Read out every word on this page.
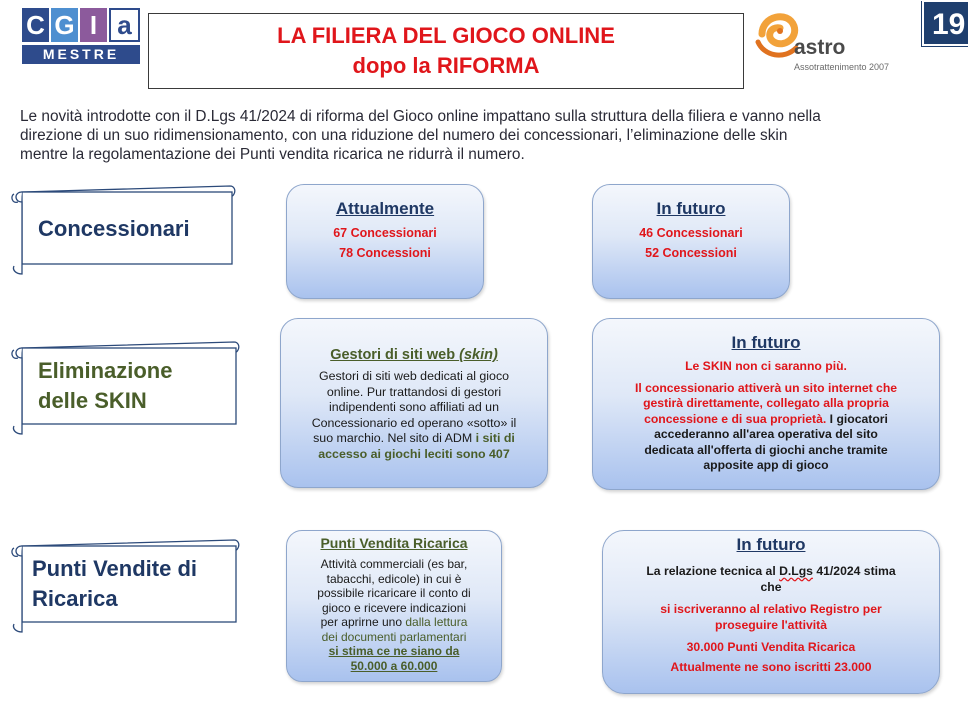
C G I a
MESTRE
LA FILIERA DEL GIOCO ONLINE
dopo la RIFORMA
astro
Assotrattenimento 2007
19
Le novità introdotte con il D.Lgs 41/2024 di riforma del Gioco online impattano sulla struttura della filiera e vanno nella
direzione di un suo ridimensionamento, con una riduzione del numero dei concessionari, l’eliminazione delle skin
mentre la regolamentazione dei Punti vendita ricarica ne ridurrà il numero.
Concessionari
Attualmente
67 Concessionari
78 Concessioni
In futuro
46 Concessionari
52 Concessioni
Eliminazione
delle SKIN
Gestori di siti web (skin)
Gestori di siti web dedicati al gioco
online. Pur trattandosi di gestori
indipendenti sono affiliati ad un
Concessionario ed operano «sotto» il
suo marchio. Nel sito di ADM i siti di
accesso ai giochi leciti sono 407
In futuro
Le SKIN non ci saranno più.
Il concessionario attiverà un sito internet che
gestirà direttamente, collegato alla propria
concessione e di sua proprietà. I giocatori
accederanno all'area operativa del sito
dedicata all'offerta di giochi anche tramite
apposite app di gioco
Punti Vendite di
Ricarica
Punti Vendita Ricarica
Attività commerciali (es bar,
tabacchi, edicole) in cui è
possibile ricaricare il conto di
gioco e ricevere indicazioni
per aprirne uno dalla lettura
dei documenti parlamentari
si stima ce ne siano da
50.000 a 60.000
In futuro
La relazione tecnica al D.Lgs 41/2024 stima
che
si iscriveranno al relativo Registro per
proseguire l'attività
30.000 Punti Vendita Ricarica
Attualmente ne sono iscritti 23.000
